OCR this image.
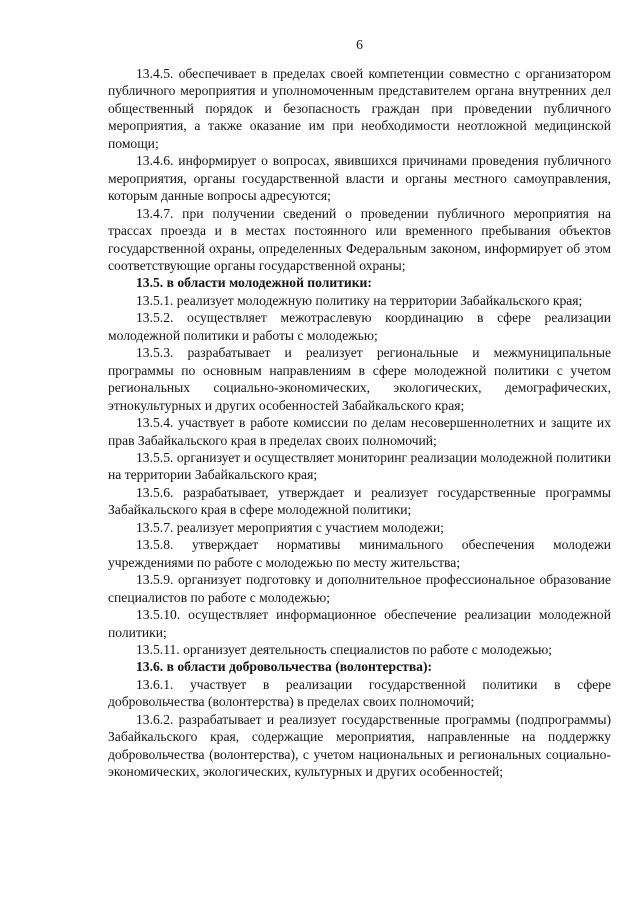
6

13.4.5. обеспечивает в пределах своей компетенции совместно с организатором публичного мероприятия и уполномоченным представителем органа внутренних дел общественный порядок и безопасность граждан при проведении публичного мероприятия, а также оказание им при необходимости неотложной медицинской помощи;

13.4.6. информирует о вопросах, явившихся причинами проведения публичного мероприятия, органы государственной власти и органы местного самоуправления, которым данные вопросы адресуются;

13.4.7. при получении сведений о проведении публичного мероприятия на трассах проезда и в местах постоянного или временного пребывания объектов государственной охраны, определенных Федеральным законом, информирует об этом соответствующие органы государственной охраны;

13.5. в области молодежной политики:

13.5.1. реализует молодежную политику на территории Забайкальского края;

13.5.2. осуществляет межотраслевую координацию в сфере реализации молодежной политики и работы с молодежью;

13.5.3. разрабатывает и реализует региональные и межмуниципальные программы по основным направлениям в сфере молодежной политики с учетом региональных социально-экономических, экологических, демографических, этнокультурных и других особенностей Забайкальского края;

13.5.4. участвует в работе комиссии по делам несовершеннолетних и защите их прав Забайкальского края в пределах своих полномочий;

13.5.5. организует и осуществляет мониторинг реализации молодежной политики на территории Забайкальского края;

13.5.6. разрабатывает, утверждает и реализует государственные программы Забайкальского края в сфере молодежной политики;

13.5.7. реализует мероприятия с участием молодежи;

13.5.8. утверждает нормативы минимального обеспечения молодежи учреждениями по работе с молодежью по месту жительства;

13.5.9. организует подготовку и дополнительное профессиональное образование специалистов по работе с молодежью;

13.5.10. осуществляет информационное обеспечение реализации молодежной политики;

13.5.11. организует деятельность специалистов по работе с молодежью;

13.6. в области добровольчества (волонтерства):

13.6.1. участвует в реализации государственной политики в сфере добровольчества (волонтерства) в пределах своих полномочий;

13.6.2. разрабатывает и реализует государственные программы (подпрограммы) Забайкальского края, содержащие мероприятия, направленные на поддержку добровольчества (волонтерства), с учетом национальных и региональных социально-экономических, экологических, культурных и других особенностей;
